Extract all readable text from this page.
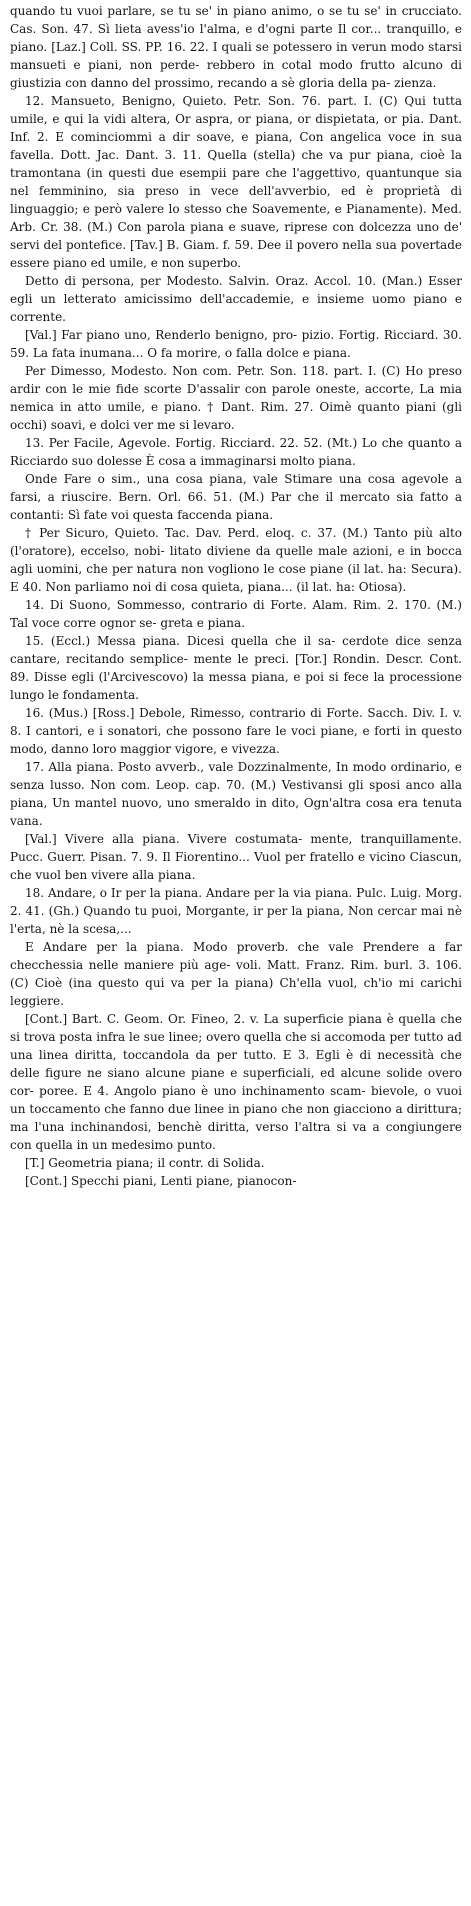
quando tu vuoi parlare, se tu se' in piano animo, o se tu se' in crucciato. Cas. Son. 47. Sì lieta avess'io l'alma, e d'ogni parte Il cor... tranquillo, e piano. [Laz.] Coll. SS. PP. 16. 22. I quali se potessero in verun modo starsi mansueti e piani, non perde- rebbero in cotal modo frutto alcuno di giustizia con danno del prossimo, recando a sè gloria della pa- zienza.

12. Mansueto, Benigno, Quieto. Petr. Son. 76. part. I. (C) Qui tutta umile, e qui la vidi altera, Or aspra, or piana, or dispietata, or pia. Dant. Inf. 2. E cominciommi a dir soave, e piana, Con angelica voce in sua favella. Dott. Jac. Dant. 3. 11. Quella (stella) che va pur piana, cioè la tramontana (in questi due esempii pare che l'aggettivo, quantunque sia nel femminino, sia preso in vece dell'avverbio, ed è proprietà di linguaggio; e però valere lo stesso che Soavemente, e Pianamente). Med. Arb. Cr. 38. (M.) Con parola piana e suave, riprese con dolcezza uno de' servi del pontefice. [Tav.] B. Giam. f. 59. Dee il povero nella sua povertade essere piano ed umile, e non superbo.

Detto di persona, per Modesto. Salvin. Oraz. Accol. 10. (Man.) Esser egli un letterato amicissimo dell'accademie, e insieme uomo piano e corrente.

[Val.] Far piano uno, Renderlo benigno, pro- pizio. Fortig. Ricciard. 30. 59. La fata inumana... O fa morire, o falla dolce e piana.

Per Dimesso, Modesto. Non com. Petr. Son. 118. part. I. (C) Ho preso ardir con le mie fide scorte D'assalir con parole oneste, accorte, La mia nemica in atto umile, e piano. † Dant. Rim. 27. Oimè quanto piani (gli occhi) soavi, e dolci ver me si levaro.

13. Per Facile, Agevole. Fortig. Ricciard. 22. 52. (Mt.) Lo che quanto a Ricciardo suo dolesse È cosa a immaginarsi molto piana.

Onde Fare o sim., una cosa piana, vale Stimare una cosa agevole a farsi, a riuscire. Bern. Orl. 66. 51. (M.) Par che il mercato sia fatto a contanti: Sì fate voi questa faccenda piana.

† Per Sicuro, Quieto. Tac. Dav. Perd. eloq. c. 37. (M.) Tanto più alto (l'oratore), eccelso, nobi- litato diviene da quelle male azioni, e in bocca agli uomini, che per natura non vogliono le cose piane (il lat. ha: Secura). E 40. Non parliamo noi di cosa quieta, piana... (il lat. ha: Otiosa).

14. Di Suono, Sommesso, contrario di Forte. Alam. Rim. 2. 170. (M.) Tal voce corre ognor se- greta e piana.

15. (Eccl.) Messa piana. Dicesi quella che il sa- cerdote dice senza cantare, recitando semplice- mente le preci. [Tor.] Rondin. Descr. Cont. 89. Disse egli (l'Arcivescovo) la messa piana, e poi si fece la processione lungo le fondamenta.

16. (Mus.) [Ross.] Debole, Rimesso, contrario di Forte. Sacch. Div. I. v. 8. I cantori, e i sonatori, che possono fare le voci piane, e forti in questo modo, danno loro maggior vigore, e vivezza.

17. Alla piana. Posto avverb., vale Dozzinalmente, In modo ordinario, e senza lusso. Non com. Leop. cap. 70. (M.) Vestivansi gli sposi anco alla piana, Un mantel nuovo, uno smeraldo in dito, Ogn'altra cosa era tenuta vana.

[Val.] Vivere alla piana. Vivere costumata- mente, tranquillamente. Pucc. Guerr. Pisan. 7. 9. Il Fiorentino... Vuol per fratello e vicino Ciascun, che vuol ben vivere alla piana.

18. Andare, o Ir per la piana. Andare per la via piana. Pulc. Luig. Morg. 2. 41. (Gh.) Quando tu puoi, Morgante, ir per la piana, Non cercar mai nè l'erta, nè la scesa,...

E Andare per la piana. Modo proverb. che vale Prendere a far checchessia nelle maniere più age- voli. Matt. Franz. Rim. burl. 3. 106. (C) Cioè (ina questo qui va per la piana) Ch'ella vuol, ch'io mi carichi leggiere.

[Cont.] Bart. C. Geom. Or. Fineo, 2. v. La superficie piana è quella che si trova posta infra le sue linee; overo quella che si accomoda per tutto ad una linea diritta, toccandola da per tutto. E 3. Egli è di necessità che delle figure ne siano alcune piane e superficiali, ed alcune solide overo cor- poree. E 4. Angolo piano è uno inchinamento scam- bievole, o vuoi un toccamento che fanno due linee in piano che non giacciono a dirittura; ma l'una inchinandosi, benchè diritta, verso l'altra si va a congiungere con quella in un medesimo punto.

[T.] Geometria piana; il contr. di Solida.

[Cont.] Specchi piani, Lenti piane, pianocon-
